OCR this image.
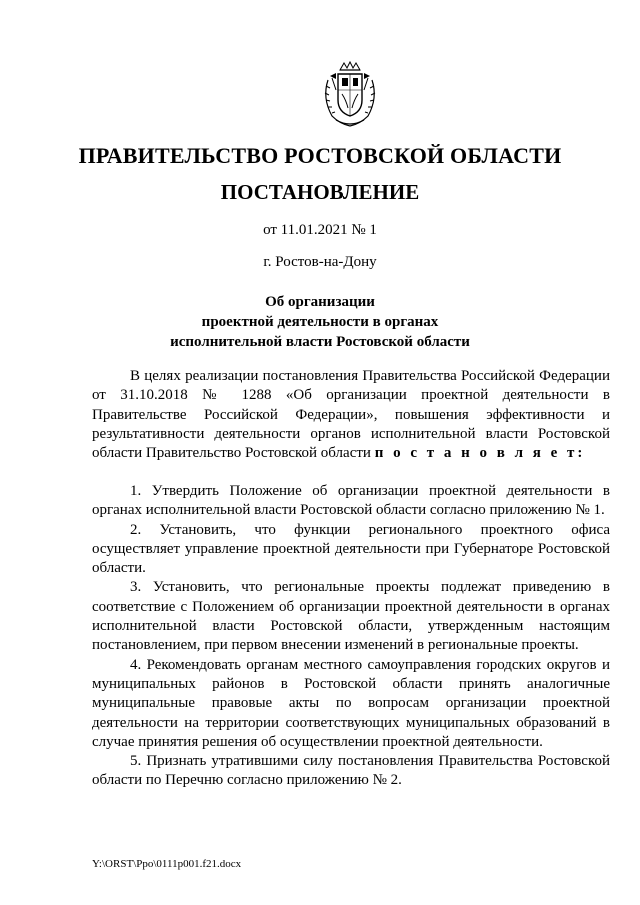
ПРАВИТЕЛЬСТВО РОСТОВСКОЙ ОБЛАСТИ
ПОСТАНОВЛЕНИЕ
от 11.01.2021 № 1
г. Ростов-на-Дону
Об организации
проектной деятельности в органах
исполнительной власти Ростовской области

В целях реализации постановления Правительства Российской Федерации от 31.10.2018 № 1288 «Об организации проектной деятельности в Правительстве Российской Федерации», повышения эффективности и результативности деятельности органов исполнительной власти Ростовской области Правительство Ростовской области п о с т а н о в л я е т:

1. Утвердить Положение об организации проектной деятельности в органах исполнительной власти Ростовской области согласно приложению № 1.

2. Установить, что функции регионального проектного офиса осуществляет управление проектной деятельности при Губернаторе Ростовской области.

3. Установить, что региональные проекты подлежат приведению в соответствие с Положением об организации проектной деятельности в органах исполнительной власти Ростовской области, утвержденным настоящим постановлением, при первом внесении изменений в региональные проекты.

4. Рекомендовать органам местного самоуправления городских округов и муниципальных районов в Ростовской области принять аналогичные муниципальные правовые акты по вопросам организации проектной деятельности на территории соответствующих муниципальных образований в случае принятия решения об осуществлении проектной деятельности.

5. Признать утратившими силу постановления Правительства Ростовской области по Перечню согласно приложению № 2.

Y:\ORST\Ppo\0111p001.f21.docx
